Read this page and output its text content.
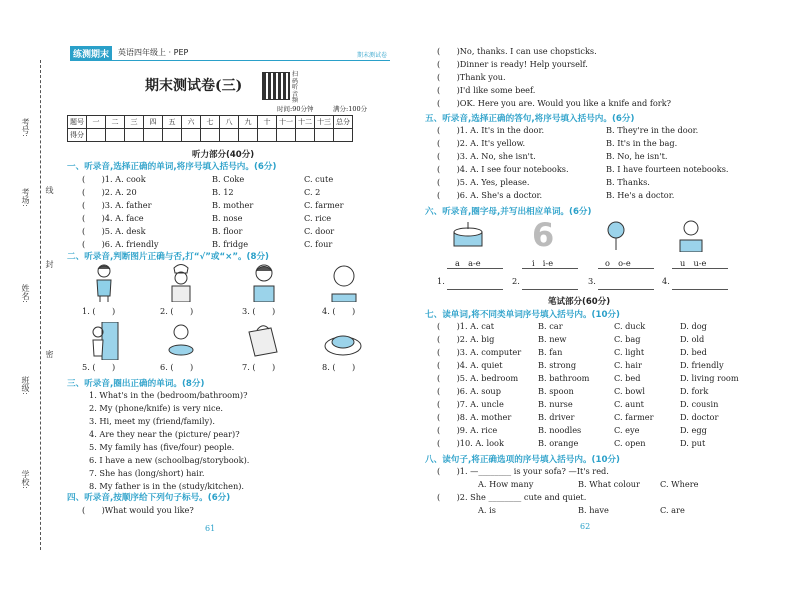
考号:
考场:
姓名:
班级:
学校:
线
封
密
练测期末	英语四年级上 · PEP	期末测试卷
期末测试卷(三)
扫码听音频
时间:90分钟	满分:100分
题号	一	二	三	四	五	六	七	八	九	十	十一	十二	十三	总分
得分														
听力部分(40分)
一、听录音,选择正确的单词,将序号填入括号内。(6分)
(　　)1. A. cook	B. Coke	C. cute
(　　)2. A. 20	B. 12	C. 2
(　　)3. A. father	B. mother	C. farmer
(　　)4. A. face	B. nose	C. rice
(　　)5. A. desk	B. floor	C. door
(　　)6. A. friendly	B. fridge	C. four
二、听录音,判断图片正确与否,打“√”或“×”。(8分)
1. (　　)	2. (　　)	3. (　　)	4. (　　)
5. (　　)	6. (　　)	7. (　　)	8. (　　)
三、听录音,圈出正确的单词。(8分)
1. What's in the (bedroom/bathroom)?
2. My (phone/knife) is very nice.
3. Hi, meet my (friend/family).
4. Are they near the (picture/ pear)?
5. My family has (five/four) people.
6. I have a new (schoolbag/storybook).
7. She has (long/short) hair.
8. My father is in the (study/kitchen).
四、听录音,按顺序给下列句子标号。(6分)
(　　)What would you like?
61
(　　)No, thanks. I can use chopsticks.
(　　)Dinner is ready! Help yourself.
(　　)Thank you.
(　　)I'd like some beef.
(　　)OK. Here you are. Would you like a knife and fork?
五、听录音,选择正确的答句,将序号填入括号内。(6分)
(　　)1. A. It's in the door.	B. They're in the door.
(　　)2. A. It's yellow.	B. It's in the bag.
(　　)3. A. No, she isn't.	B. No, he isn't.
(　　)4. A. I see four notebooks.	B. I have fourteen notebooks.
(　　)5. A. Yes, please.	B. Thanks.
(　　)6. A. She's a doctor.	B. He's a doctor.
六、听录音,圈字母,并写出相应单词。(6分)
6
a　a-e	i　i-e	o　o-e	u　u-e
1.	2.	3.	4.
笔试部分(60分)
七、读单词,将不同类单词序号填入括号内。(10分)
(　　)1. A. cat	B. car	C. duck	D. dog
(　　)2. A. big	B. new	C. bag	D. old
(　　)3. A. computer B. fan	C. light	D. bed
(　　)4. A. quiet	B. strong	C. hair	D. friendly
(　　)5. A. bedroom B. bathroom	C. bed	D. living room
(　　)6. A. soup	B. spoon	C. bowl	D. fork
(　　)7. A. uncle	B. nurse	C. aunt	D. cousin
(　　)8. A. mother	B. driver	C. farmer	D. doctor
(　　)9. A. rice	B. noodles	C. eye	D. egg
(　　)10. A. look	B. orange	C. open	D. put
八、读句子,将正确选项的序号填入括号内。(10分)
(　　)1. —________ is your sofa? —It's red.
A. How many	B. What colour C. Where
(　　)2. She ________ cute and quiet.
A. is	B. have	C. are
62
